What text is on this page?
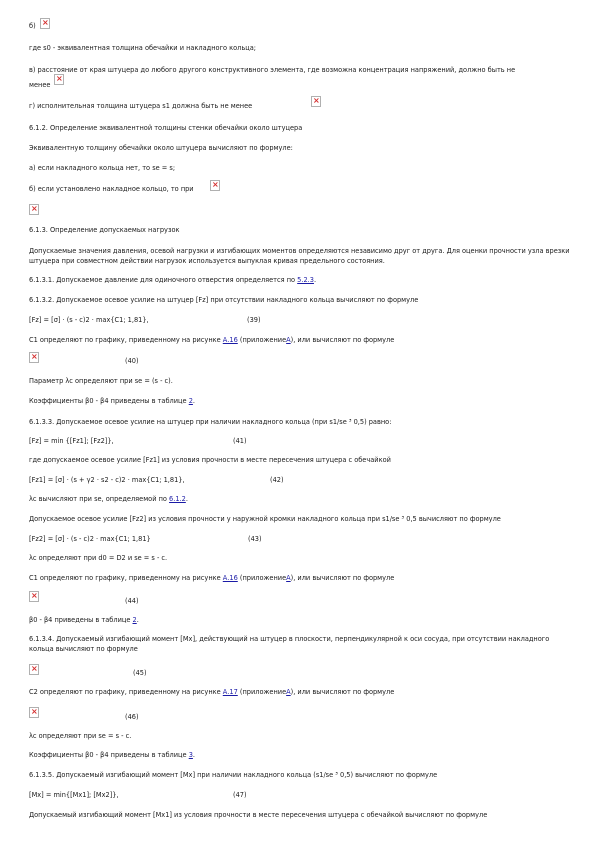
б)
×
где s0 - эквивалентная толщина обечайки и накладного кольца;
в) расстояние от края штуцера до любого другого конструктивного элемента, где возможна концентрация напряжений, должно быть не
менее
×
г) исполнительная толщина штуцера s1 должна быть не менее
×
6.1.2. Определение эквивалентной толщины стенки обечайки около штуцера
Эквивалентную толщину обечайки около штуцера вычисляют по формуле:
а) если накладного кольца нет, то se = s;
б) если установлено накладное кольцо, то при
×
×
6.1.3. Определение допускаемых нагрузок
Допускаемые значения давления, осевой нагрузки и изгибающих моментов определяются независимо друг от друга. Для оценки прочности узла врезки штуцера при совместном действии нагрузок используется выпуклая кривая предельного состояния.
6.1.3.1. Допускаемое давление для одиночного отверстия определяется по 5.2.3.
6.1.3.2. Допускаемое осевое усилие на штуцер [Fz] при отсутствии накладного кольца вычисляют по формуле
[Fz] = [σ] · (s - c)2 · max{C1; 1,81},	(39)
C1 определяют по графику, приведенному на рисунке А.16 (приложениеА), или вычисляют по формуле
×
(40)
Параметр λc определяют при se = (s - c).
Коэффициенты β0 - β4 приведены в таблице 2.
6.1.3.3. Допускаемое осевое усилие на штуцер при наличии накладного кольца (при s1/se ³ 0,5) равно:
[Fz] = min {[Fz1]; [Fz2]},	(41)
где допускаемое осевое усилие [Fz1] из условия прочности в месте пересечения штуцера с обечайкой
[Fz1] = [σ] · (s + γ2 · s2 - c)2 · max{C1; 1,81},	(42)
λc вычисляют при se, определяемой по 6.1.2.
Допускаемое осевое усилие [Fz2] из условия прочности у наружной кромки накладного кольца при s1/se ³ 0,5 вычисляют по формуле
[Fz2] = [σ] · (s - c)2 · max{C1; 1,81}	(43)
λc определяют при d0 = D2 и se = s - c.
C1 определяют по графику, приведенному на рисунке А.16 (приложениеА), или вычисляют по формуле
×
(44)
β0 - β4 приведены в таблице 2.
6.1.3.4. Допускаемый изгибающий момент [Mx], действующий на штуцер в плоскости, перпендикулярной к оси сосуда, при отсутствии накладного кольца вычисляют по формуле
×
(45)
C2 определяют по графику, приведенному на рисунке А.17 (приложениеА), или вычисляют по формуле
×
(46)
λc определяют при se = s - c.
Коэффициенты β0 - β4 приведены в таблице 3.
6.1.3.5. Допускаемый изгибающий момент [Mx] при наличии накладного кольца (s1/se ³ 0,5) вычисляют по формуле
[Mx] = min{[Mx1]; [Mx2]},	(47)
Допускаемый изгибающий момент [Mx1] из условия прочности в месте пересечения штуцера с обечайкой вычисляют по формуле
